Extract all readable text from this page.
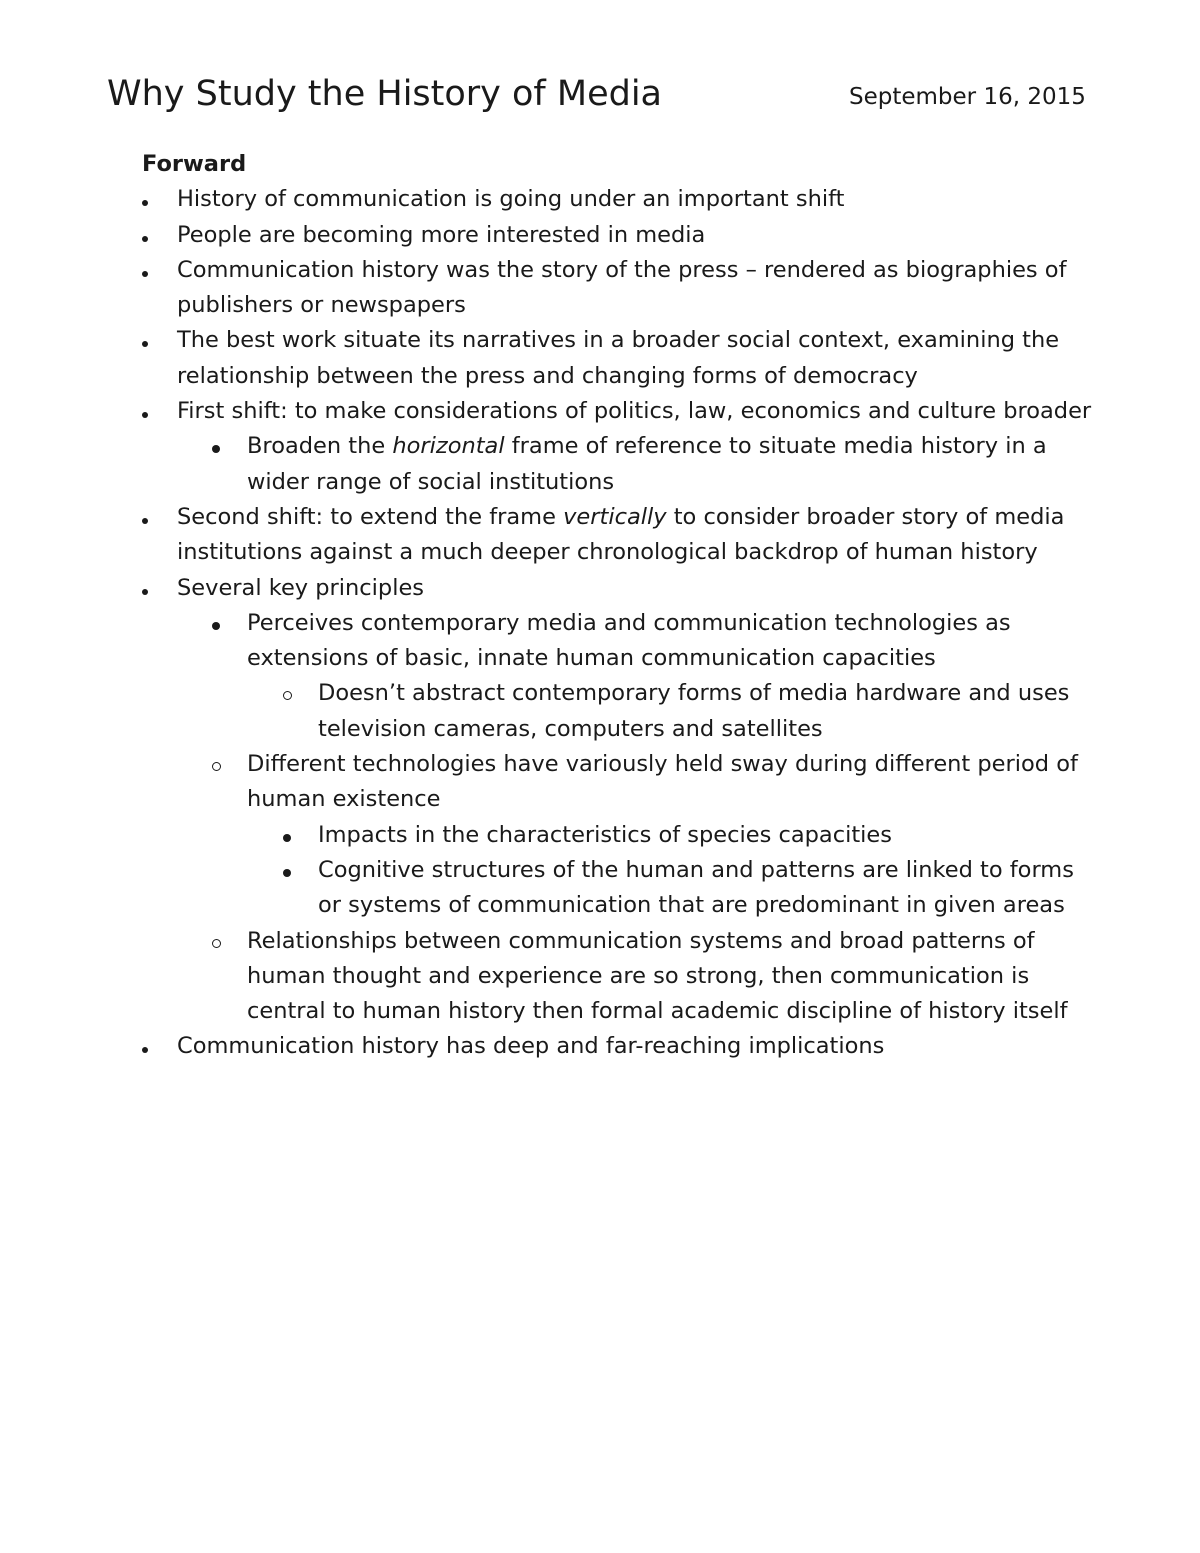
Why Study the History of Media	September 16, 2015

Forward

History of communication is going under an important shift
People are becoming more interested in media
Communication history was the story of the press – rendered as biographies of publishers or newspapers
The best work situate its narratives in a broader social context, examining the relationship between the press and changing forms of democracy
First shift: to make considerations of politics, law, economics and culture broader
Broaden the horizontal frame of reference to situate media history in a wider range of social institutions
Second shift: to extend the frame vertically to consider broader story of media institutions against a much deeper chronological backdrop of human history
Several key principles
Perceives contemporary media and communication technologies as extensions of basic, innate human communication capacities
Doesn’t abstract contemporary forms of media hardware and uses television cameras, computers and satellites
Different technologies have variously held sway during different period of human existence
Impacts in the characteristics of species capacities
Cognitive structures of the human and patterns are linked to forms or systems of communication that are predominant in given areas
Relationships between communication systems and broad patterns of human thought and experience are so strong, then communication is central to human history then formal academic discipline of history itself
Communication history has deep and far-reaching implications
